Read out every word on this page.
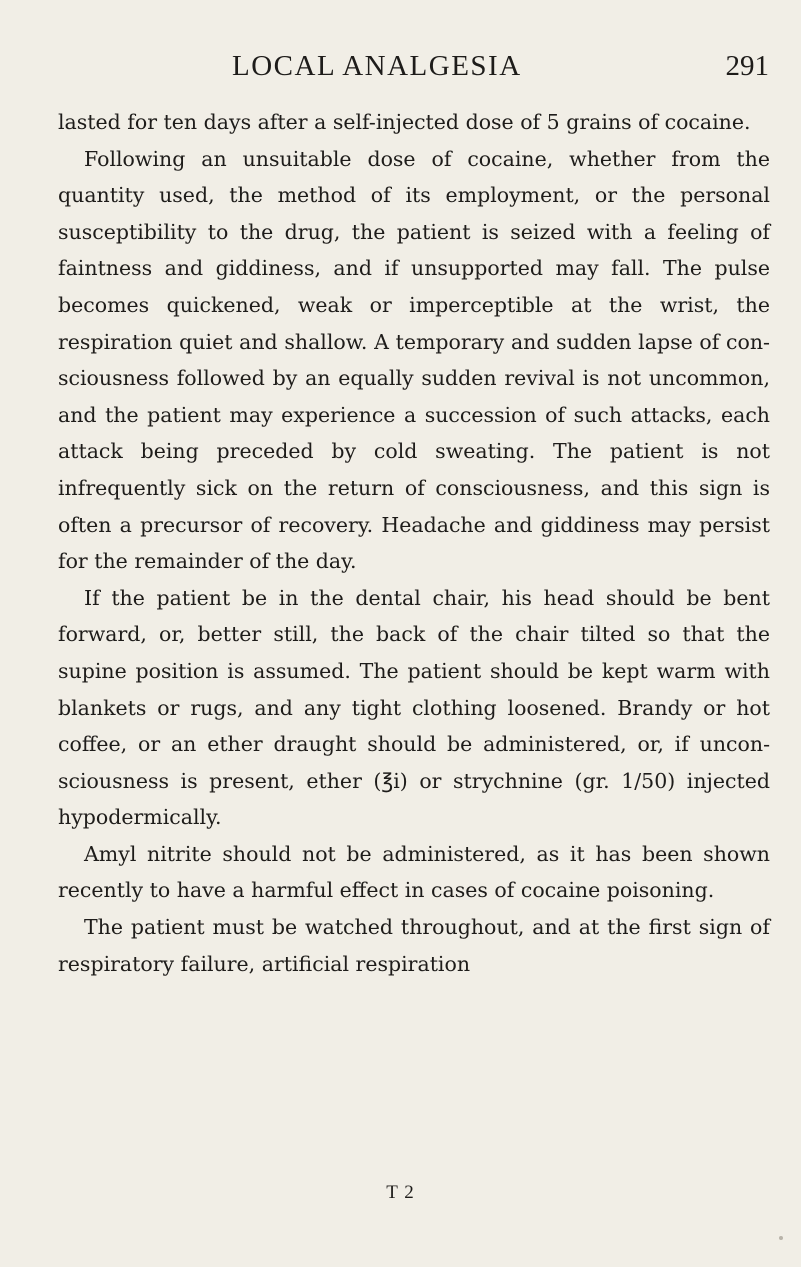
LOCAL ANALGESIA	291

lasted for ten days after a self-injected dose of 5 grains of cocaine.

Following an unsuitable dose of cocaine, whether from the quantity used, the method of its employment, or the personal susceptibility to the drug, the patient is seized with a feeling of faintness and giddiness, and if unsupported may fall. The pulse becomes quickened, weak or imperceptible at the wrist, the respiration quiet and shallow. A temporary and sudden lapse of con- sciousness followed by an equally sudden revival is not uncommon, and the patient may experience a succession of such attacks, each attack being preceded by cold sweating. The patient is not infrequently sick on the return of consciousness, and this sign is often a precursor of recovery. Headache and giddiness may persist for the remainder of the day.

If the patient be in the dental chair, his head should be bent forward, or, better still, the back of the chair tilted so that the supine position is assumed. The patient should be kept warm with blankets or rugs, and any tight clothing loosened. Brandy or hot coffee, or an ether draught should be administered, or, if uncon- sciousness is present, ether (℥i) or strychnine (gr. 1/50) injected hypodermically.

Amyl nitrite should not be administered, as it has been shown recently to have a harmful effect in cases of cocaine poisoning.

The patient must be watched throughout, and at the first sign of respiratory failure, artificial respiration

T 2
